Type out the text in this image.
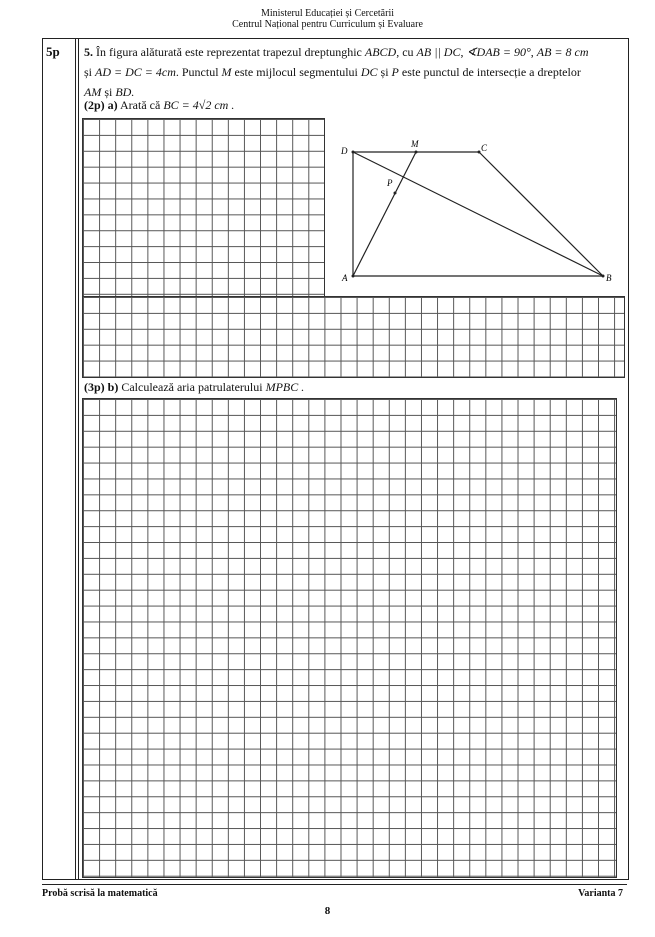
Ministerul Educației și Cercetării
Centrul Național pentru Curriculum și Evaluare
5p 5. În figura alăturată este reprezentat trapezul dreptunghic ABCD, cu AB || DC, ∢DAB = 90°, AB = 8 cm
și AD = DC = 4cm. Punctul M este mijlocul segmentului DC și P este punctul de intersecție a dreptelor
AM și BD.
(2p) a) Arată că BC = 4√2 cm .
D
M	C
P
A	B
(3p) b) Calculează aria patrulaterului MPBC .
Probă scrisă la matematică	Varianta 7
8
